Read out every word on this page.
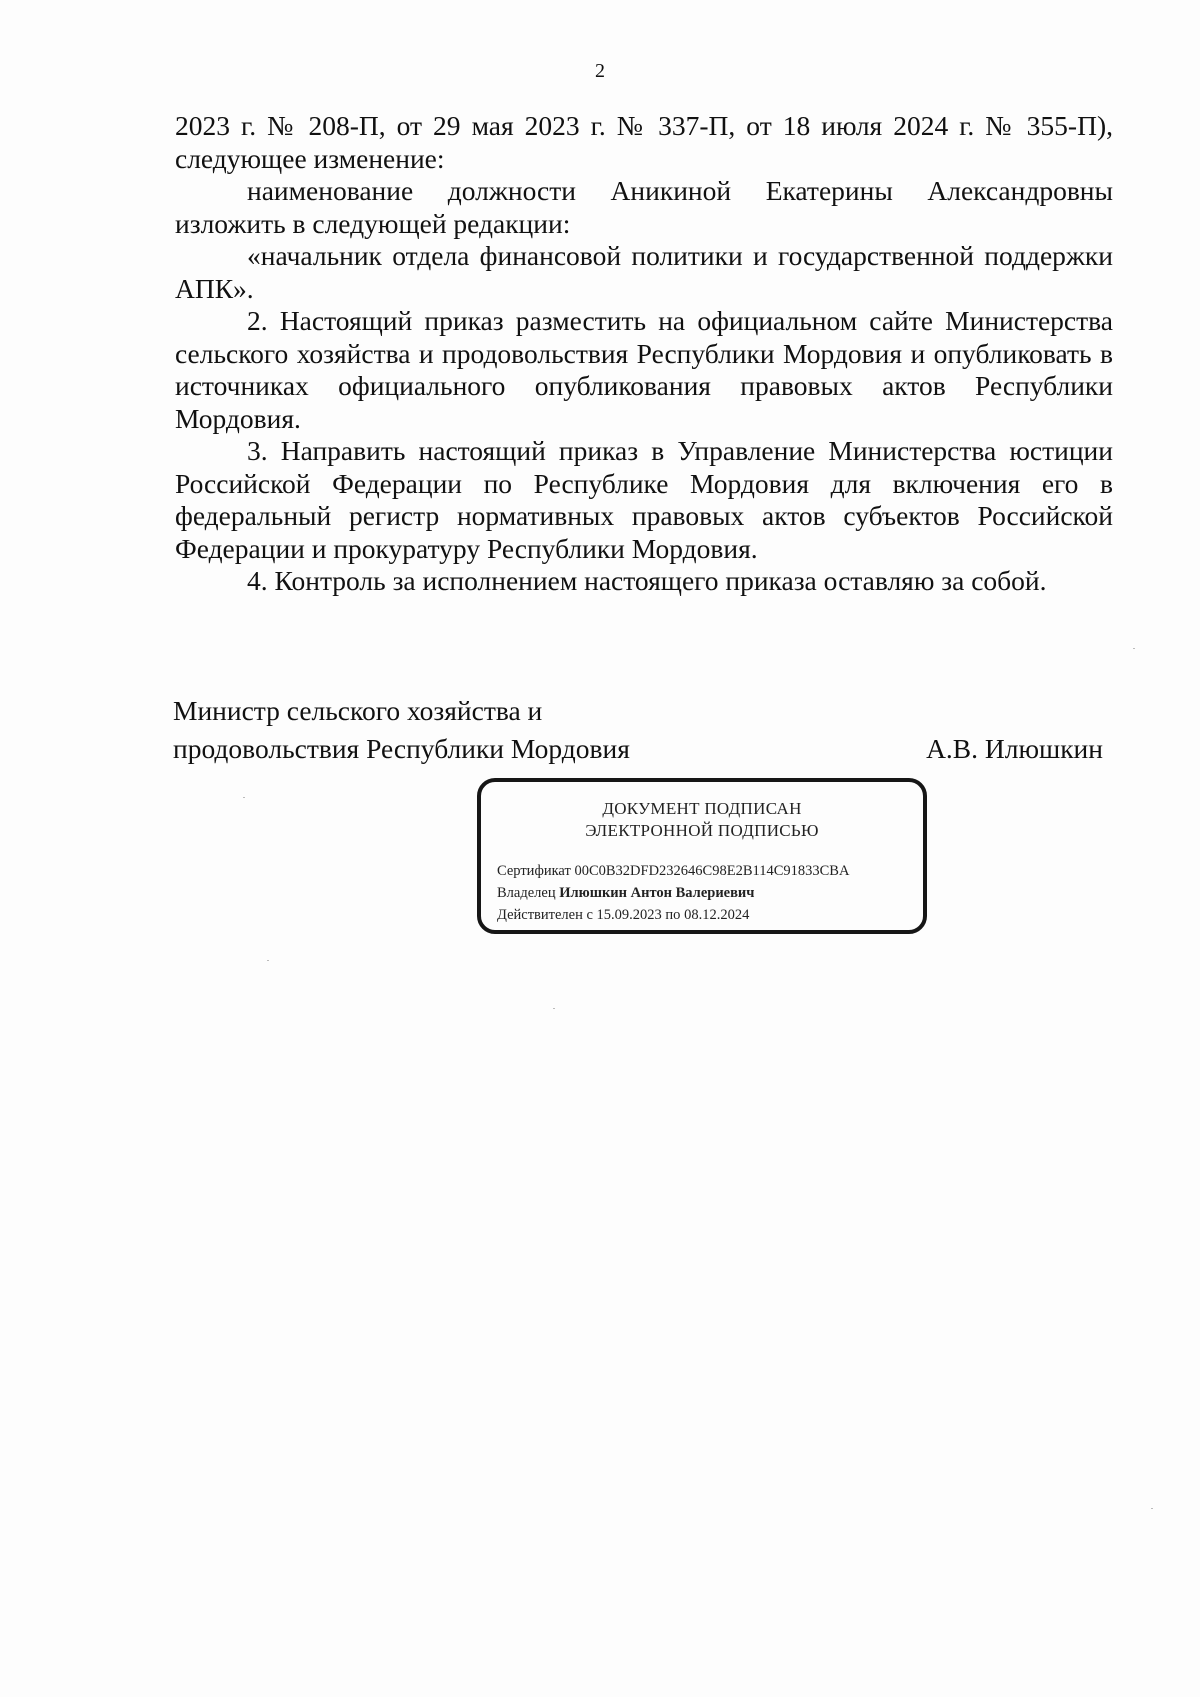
2

2023 г. № 208-П, от 29 мая 2023 г. № 337-П, от 18 июля 2024 г. № 355-П), следующее изменение:

наименование должности Аникиной Екатерины Александровны изложить в следующей редакции:

«начальник отдела финансовой политики и государственной поддержки АПК».

2. Настоящий приказ разместить на официальном сайте Министерства сельского хозяйства и продовольствия Республики Мордовия и опубликовать в источниках официального опубликования правовых актов Республики Мордовия.

3. Направить настоящий приказ в Управление Министерства юстиции Российской Федерации по Республике Мордовия для включения его в федеральный регистр нормативных правовых актов субъектов Российской Федерации и прокуратуру Республики Мордовия.

4. Контроль за исполнением настоящего приказа оставляю за собой.

Министр сельского хозяйства и
продовольствия Республики Мордовия	А.В. Илюшкин
ДОКУМЕНТ ПОДПИСАН
ЭЛЕКТРОННОЙ ПОДПИСЬЮ
Сертификат 00C0B32DFD232646C98E2B114C91833CBA
Владелец Илюшкин Антон Валериевич
Действителен с 15.09.2023 по 08.12.2024
